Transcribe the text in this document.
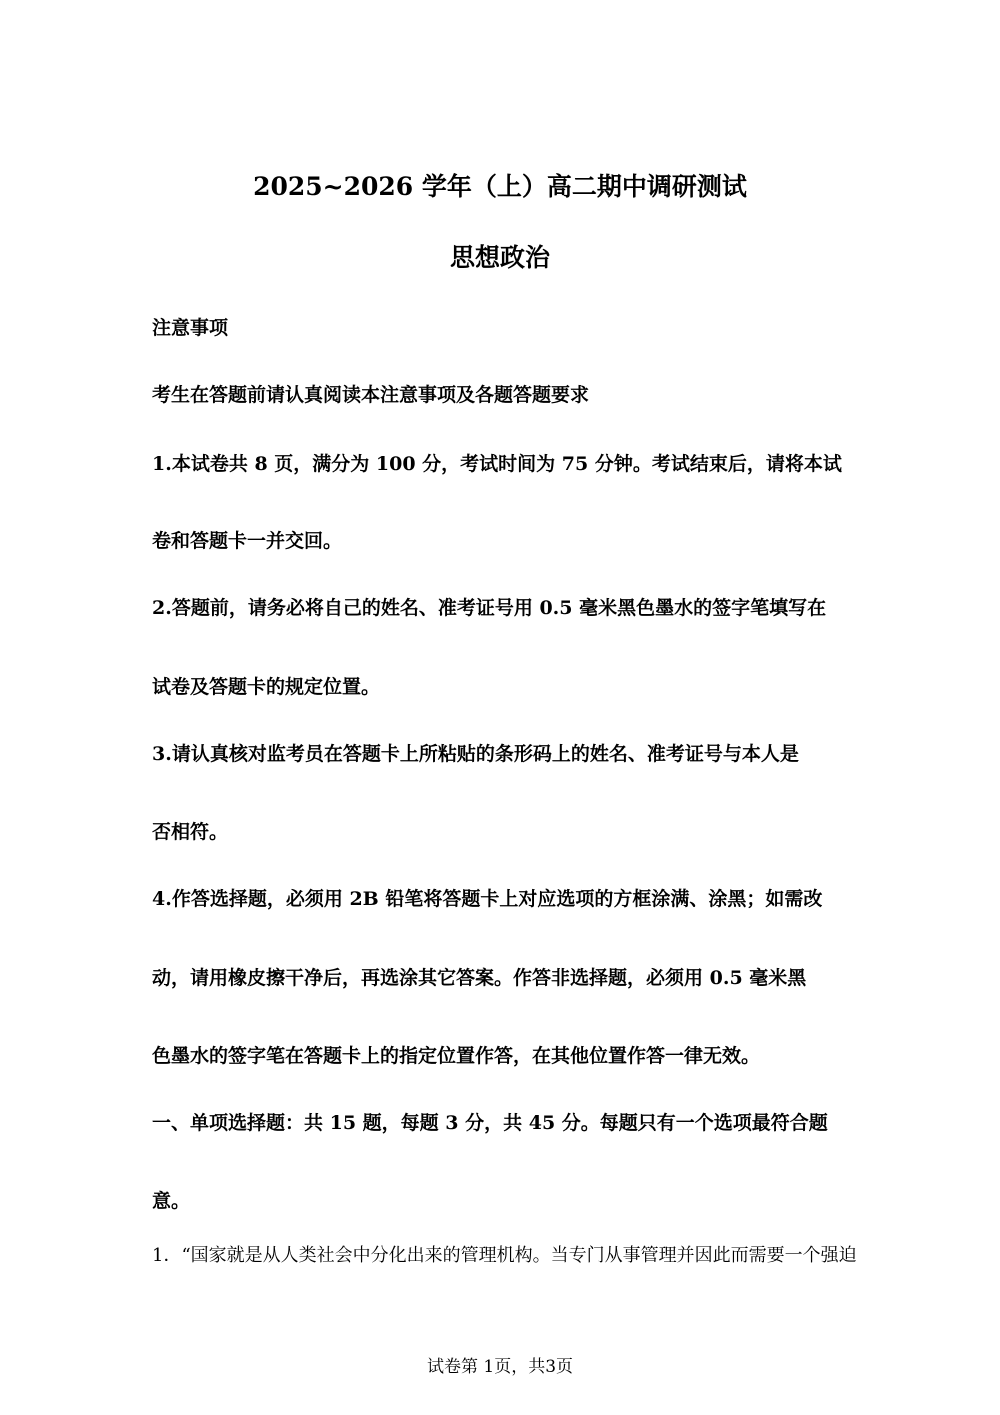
2025~2026 学年（上）高二期中调研测试
思想政治
注意事项
考生在答题前请认真阅读本注意事项及各题答题要求
1.本试卷共 8 页，满分为 100 分，考试时间为 75 分钟。考试结束后，请将本试
卷和答题卡一并交回。
2.答题前，请务必将自己的姓名、准考证号用 0.5 毫米黑色墨水的签字笔填写在
试卷及答题卡的规定位置。
3.请认真核对监考员在答题卡上所粘贴的条形码上的姓名、准考证号与本人是
否相符。
4.作答选择题，必须用 2B 铅笔将答题卡上对应选项的方框涂满、涂黑；如需改
动，请用橡皮擦干净后，再选涂其它答案。作答非选择题，必须用 0.5 毫米黑
色墨水的签字笔在答题卡上的指定位置作答，在其他位置作答一律无效。
一、单项选择题：共 15 题，每题 3 分，共 45 分。每题只有一个选项最符合题
意。
1．“国家就是从人类社会中分化出来的管理机构。当专门从事管理并因此而需要一个强迫
试卷第 1页，共3页
